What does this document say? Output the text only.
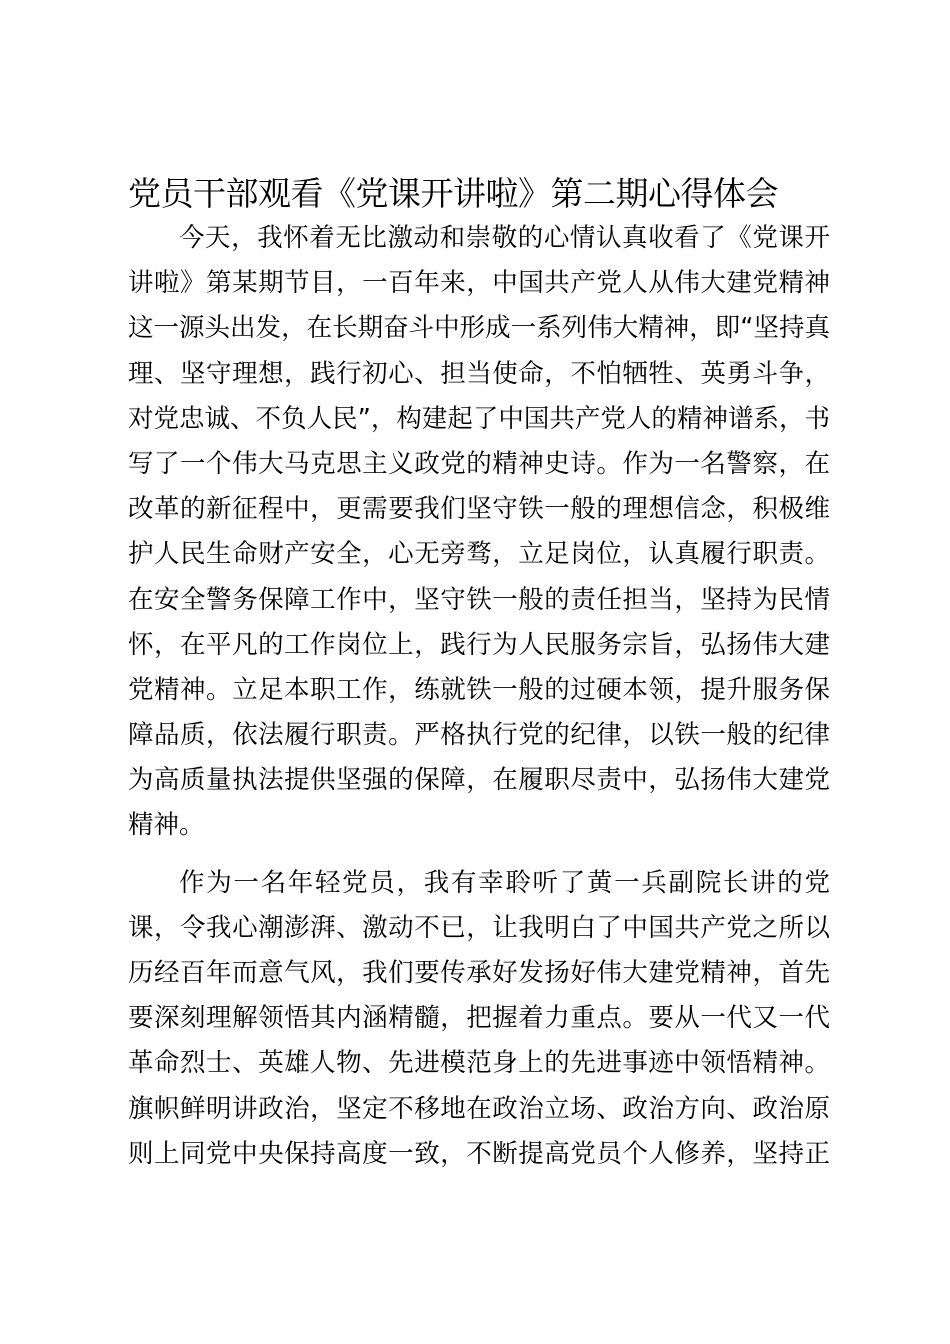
党员干部观看《党课开讲啦》第二期心得体会
今天，我怀着无比激动和崇敬的心情认真收看了《党课开
讲啦》第某期节目，一百年来，中国共产党人从伟大建党精神
这一源头出发，在长期奋斗中形成一系列伟大精神，即“坚持真
理、坚守理想，践行初心、担当使命，不怕牺牲、英勇斗争，
对党忠诚、不负人民”，构建起了中国共产党人的精神谱系，书
写了一个伟大马克思主义政党的精神史诗。作为一名警察，在
改革的新征程中，更需要我们坚守铁一般的理想信念，积极维
护人民生命财产安全，心无旁骛，立足岗位，认真履行职责。
在安全警务保障工作中，坚守铁一般的责任担当，坚持为民情
怀，在平凡的工作岗位上，践行为人民服务宗旨，弘扬伟大建
党精神。立足本职工作，练就铁一般的过硬本领，提升服务保
障品质，依法履行职责。严格执行党的纪律，以铁一般的纪律
为高质量执法提供坚强的保障，在履职尽责中，弘扬伟大建党
精神。
作为一名年轻党员，我有幸聆听了黄一兵副院长讲的党
课，令我心潮澎湃、激动不已，让我明白了中国共产党之所以
历经百年而意气风，我们要传承好发扬好伟大建党精神，首先
要深刻理解领悟其内涵精髓，把握着力重点。要从一代又一代
革命烈士、英雄人物、先进模范身上的先进事迹中领悟精神。
旗帜鲜明讲政治，坚定不移地在政治立场、政治方向、政治原
则上同党中央保持高度一致，不断提高党员个人修养，坚持正
